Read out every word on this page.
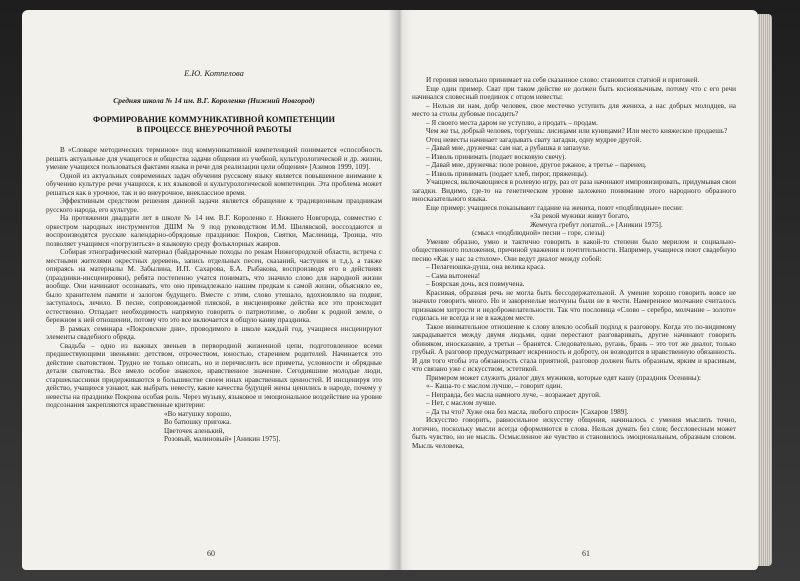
Е.Ю. Котпелова

Средняя школа № 14 им. В.Г. Короленко (Нижний Новгород)

ФОРМИРОВАНИЕ КОММУНИКАТИВНОЙ КОМПЕТЕНЦИИ
В ПРОЦЕССЕ ВНЕУРОЧНОЙ РАБОТЫ

В «Словаре методических терминов» под коммуникативной компетенцией понимается «способность решать актуальные для учащегося и общества задачи общения из учебной, культурологической и др. жизни, умение учащихся пользоваться фактами языка и речи для реализации цели общения» [Азимов 1999, 109].

Одной из актуальных современных задач обучения русскому языку является повышенное внимание к обучению культуре речи учащихся, к их языковой и культурологической компетенции. Эта проблема может решаться как в урочное, так и во внеурочное, внеклассное время.

Эффективным средством решения данной задачи является обращение к традиционным праздникам русского народа, его культуре.

На протяжении двадцати лет в школе № 14 им. В.Г. Короленко г. Нижнего Новгорода, совместно с оркестром народных инструментов ДШМ № 9 под руководством И.М. Шилявской, воссоздаются и воспроизводятся русские календарно-обрядовые праздники: Покров, Святки, Масленица, Троица, что позволяет учащимся «погрузиться» в языковую среду фольклорных жанров.

Собирая этнографический материал (байдарочные походы по рекам Нижегородской области, встреча с местными жителями окрестных деревень, запись отдельных песен, сказаний, частушек и т.д.), а также опираясь на материалы М. Забылина, И.П. Сахарова, Б.А. Рыбакова, воспроизводя его в действиях (праздники-инсценировки), ребята постепенно учатся понимать, что значило слово для народной жизни вообще. Они начинают осознавать, что оно принадлежало нашим предкам к самой жизни, объясняло ее, было хранителем памяти и залогом будущего. Вместе с этим, слово утешало, вдохновляло на подвиг, заступалось, лечило. В песне, сопровождаемой пляской, в инсценировке действа все это происходит естественно. Отпадает необходимость напрямую говорить о патриотизме, о любви к родной земле, о бережном к ней отношении, потому что это все включается в общую канву праздника.

В рамках семинара «Покровские дни», проводимого в школе каждый год, учащиеся инсценируют элементы свадебного обряда.

Свадьба – одно из важных звеньев в первородной жизненной цепи, подготовленное всеми предшествующими звеньями: детством, отрочеством, юностью, старением родителей. Начинается это действие сватовством. Трудно не только описать, но и перечислить все приметы, условности и обрядные детали сватовства. Все вмело особое знакохое, нравственное значение. Сегодняшние молодые люди, старшеклассники придерживаются в большинстве своем иных нравственных ценностей. И инсценируя это действо, учащиеся узнают, как выбрать невесту, какие качества будущей жены ценились в народе, почему у невесты на празднике Покрова особая роль. Через музыку, языковое и эмоциональное воздействие на уровне подсознания закрепляются нравственные критерии:

«Во матушку хорошо,

Во батюшку пригожа.

Цветочек аленький,

Розовый, малиновый» [Аникин 1975].

60

И героиня невольно принимает на себя сказанное слово: становится статной и пригожей.

Еще один пример. Сват при таком действе не должен быть косноязычным, потому что с его речи начинался словесный поединок с отцом невесты:

– Нельзя ли нам, добр человек, свое местечко уступить для женихa, а нас добрых молодцев, на место за столы дубовые посадить?

– Я своего места даром не уступлю, а продать – продам.

Чем же ты, добрый человек, торгуешь: лисицами или куницами? Или место княжеское продаешь?

Отец невесты начинает загадывать свату загадки, одну мудрее другой.

– Давай мне, дружечка: сам нaг, а рубашка в запазухе.

– Изволь принимать (подает восковую свечу).

– Давай мне, дружечка: поле ровное, другое ржаное, а третье – паренец.

– Изволь принимать (подает хлеб, пирог, пряженцы).

Учащиеся, включающиеся в ролевую игру, раз от раза начинают импровизировать, придумывая свои загадки. Видимо, где-то на генетическом уровне заложено понимание этого народного образного иносказательного языка.

Еще пример: учащиеся показывают гадание на женихa, поют «подблюдные» песни:

«За рекой мужики живут богато,

Жемчуга гребут лопатой...» [Аникин 1975].

(смысл «подблюдной» песни – горе, слезы)

Умение образно, умно и тактично говорить в какой-то степени было мерилом и социально-общественного положения, причиной уважения и почтительности. Например, учащиеся поют свадебную песню «Как у нас за столом». Они ведут диалог между собой:

– Пелагеюшка-душа, она велика краса.

– Сама вытонена!

– Боярская дочь, вся повмучена.

Красивая, образная речь не могла быть бессодержательной. А умение хорошо говорить вовсе не значило говорить много. Но и закоренелые молчуны были не в чести. Намеренное молчание считалось признаком хитрости и недоброжелательности. Так что пословица «Слово – серебро, молчание – золото» годилась не всегда и не в каждом месте.

Такое внимательное отношение к слову влекло особый подход к разговору. Когда это по-видимому закрадывается между двумя людьми, одни перестают разговаривать, другие начинают говорить обиняком, иносказание, а третьи – бранятся. Следовательно, ругань, брань – это тот же диалог, только грубый. А разговор предусматривает искренность и доброту, он возводится в нравственную обязанность. И для того чтобы эта обязанность стала приятной, разговор должен быть образным, ярким и красивым, что связано уже с искусством, эстетикой.

Примером может служить диалог двух мужиков, которые едят кашу (праздник Осенины):

«– Кашa-то с маслом лучше, – говорит один.

– Неправда, без масла намного луче, – возражает другой.

– Нет, с маслом лучше.

– Да ты что? Хуже она без масла, любого спроси» [Сахаров 1989].

Искусство говорить, равносильное искусству общения, начиналось с умения мыслить точно, логично, поскольку мысли всегда оформляются в слова. Нельзя думать без слов; бессловесным может быть чувство, но не мысль. Осмысленное же чувство и становилось эмоциональным, образным словом. Мысль человека,

61
